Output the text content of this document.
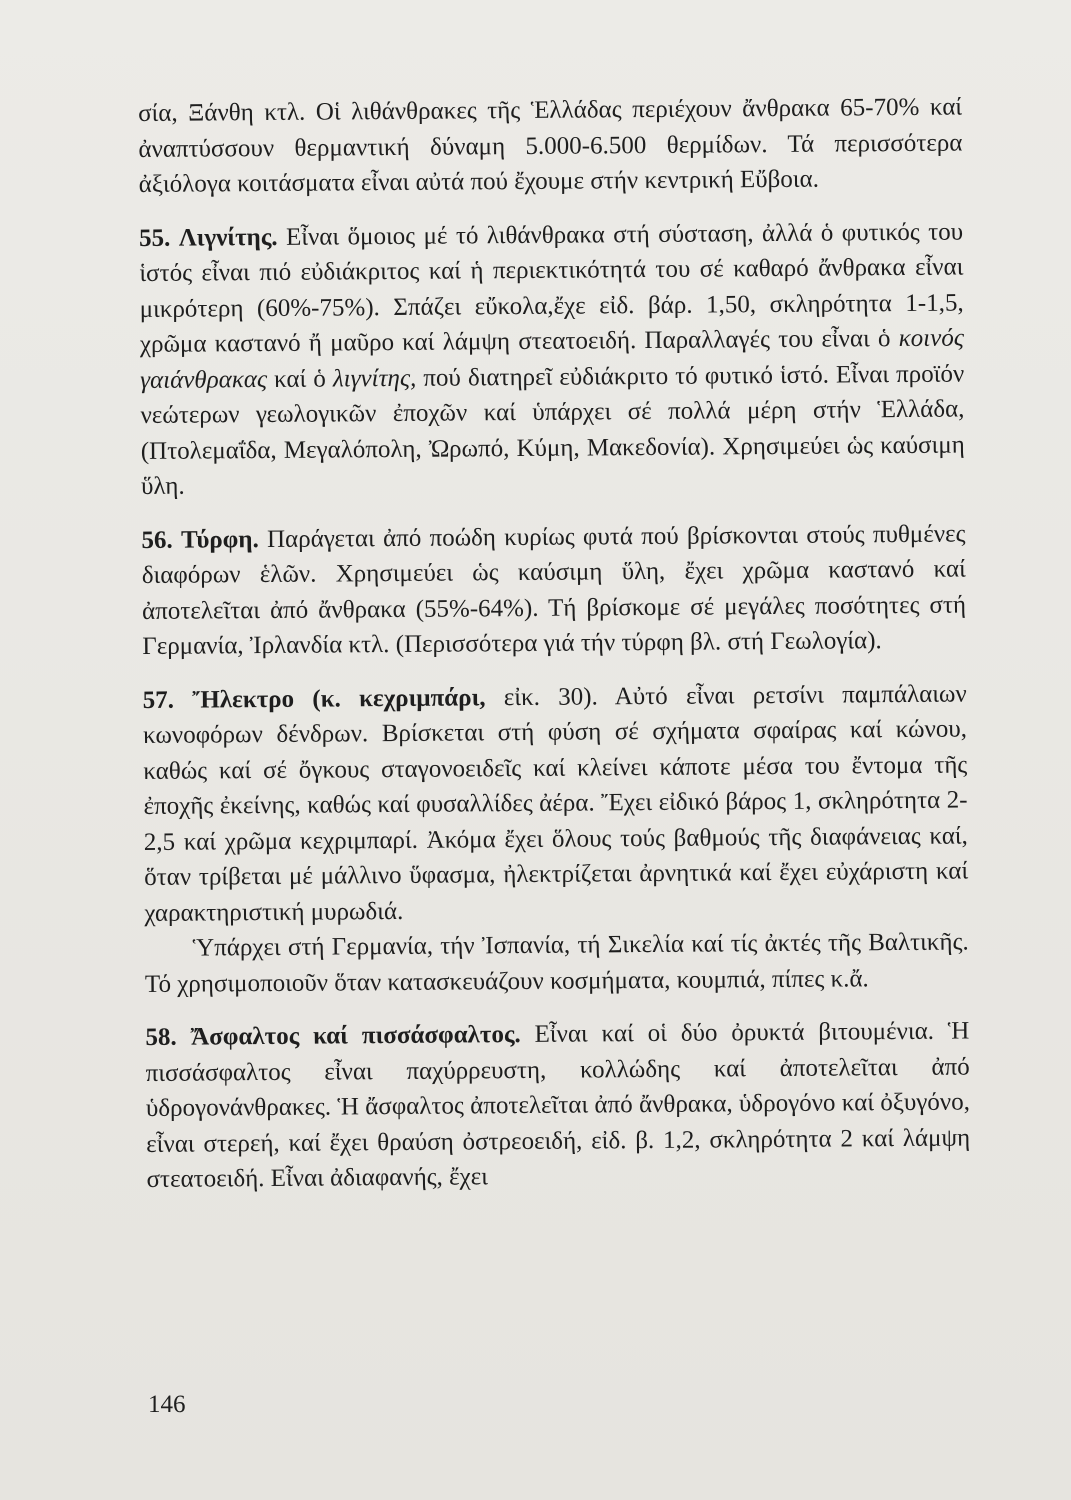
σία, Ξάνθη κτλ. Οἱ λιθάνθρακες τῆς Ἑλλάδας περιέχουν ἄνθρακα 65-70% καί ἀναπτύσσουν θερμαντική δύναμη 5.000-6.500 θερμίδων. Τά περισσότερα ἀξιόλογα κοιτάσματα εἶναι αὐτά πού ἔχουμε στήν κεντρική Εὔβοια.

55. Λιγνίτης. Εἶναι ὅμοιος μέ τό λιθάνθρακα στή σύσταση, ἀλλά ὁ φυτικός του ἱστός εἶναι πιό εὐδιάκριτος καί ἡ περιεκτικότητά του σέ καθαρό ἄνθρακα εἶναι μικρότερη (60%-75%). Σπάζει εὔκολα,ἔχε εἰδ. βάρ. 1,50, σκληρότητα 1-1,5, χρῶμα καστανό ἤ μαῦρο καί λάμψη στεατοειδή. Παραλλαγές του εἶναι ὁ κοινός γαιάνθρακας καί ὁ λιγνίτης, πού διατηρεῖ εὐδιάκριτο τό φυτικό ἱστό. Εἶναι προϊόν νεώτερων γεωλογικῶν ἐποχῶν καί ὑπάρχει σέ πολλά μέρη στήν Ἑλλάδα, (Πτολεμαΐδα, Μεγαλόπολη, Ὠρωπό, Κύμη, Μακεδονία). Χρησιμεύει ὡς καύσιμη ὕλη.

56. Τύρφη. Παράγεται ἀπό ποώδη κυρίως φυτά πού βρίσκονται στούς πυθμένες διαφόρων ἑλῶν. Χρησιμεύει ὡς καύσιμη ὕλη, ἔχει χρῶμα καστανό καί ἀποτελεῖται ἀπό ἄνθρακα (55%-64%). Τή βρίσκομε σέ μεγάλες ποσότητες στή Γερμανία, Ἰρλανδία κτλ. (Περισσότερα γιά τήν τύρφη βλ. στή Γεωλογία).

57. Ἤλεκτρο (κ. κεχριμπάρι, εἰκ. 30). Αὐτό εἶναι ρετσίνι παμπάλαιων κωνοφόρων δένδρων. Βρίσκεται στή φύση σέ σχήματα σφαίρας καί κώνου, καθώς καί σέ ὄγκους σταγονοειδεῖς καί κλείνει κάποτε μέσα του ἔντομα τῆς ἐποχῆς ἐκείνης, καθώς καί φυσαλλίδες ἀέρα. Ἔχει εἰδικό βάρος 1, σκληρότητα 2-2,5 καί χρῶμα κεχριμπαρί. Ἀκόμα ἔχει ὅλους τούς βαθμούς τῆς διαφάνειας καί, ὅταν τρίβεται μέ μάλλινο ὕφασμα, ἠλεκτρίζεται ἀρνητικά καί ἔχει εὐχάριστη καί χαρακτηριστική μυρωδιά.

Ὑπάρχει στή Γερμανία, τήν Ἰσπανία, τή Σικελία καί τίς ἀκτές τῆς Βαλτικῆς. Τό χρησιμοποιοῦν ὅταν κατασκευάζουν κοσμήματα, κουμπιά, πίπες κ.ἄ.

58. Ἄσφαλτος καί πισσάσφαλτος. Εἶναι καί οἱ δύο ὀρυκτά βιτουμένια. Ἡ πισσάσφαλτος εἶναι παχύρρευστη, κολλώδης καί ἀποτελεῖται ἀπό ὑδρογονάνθρακες. Ἡ ἄσφαλτος ἀποτελεῖται ἀπό ἄνθρακα, ὑδρογόνο καί ὀξυγόνο, εἶναι στερεή, καί ἔχει θραύση ὀστρεοειδή, εἰδ. β. 1,2, σκληρότητα 2 καί λάμψη στεατοειδή. Εἶναι ἀδιαφανής, ἔχει

146
